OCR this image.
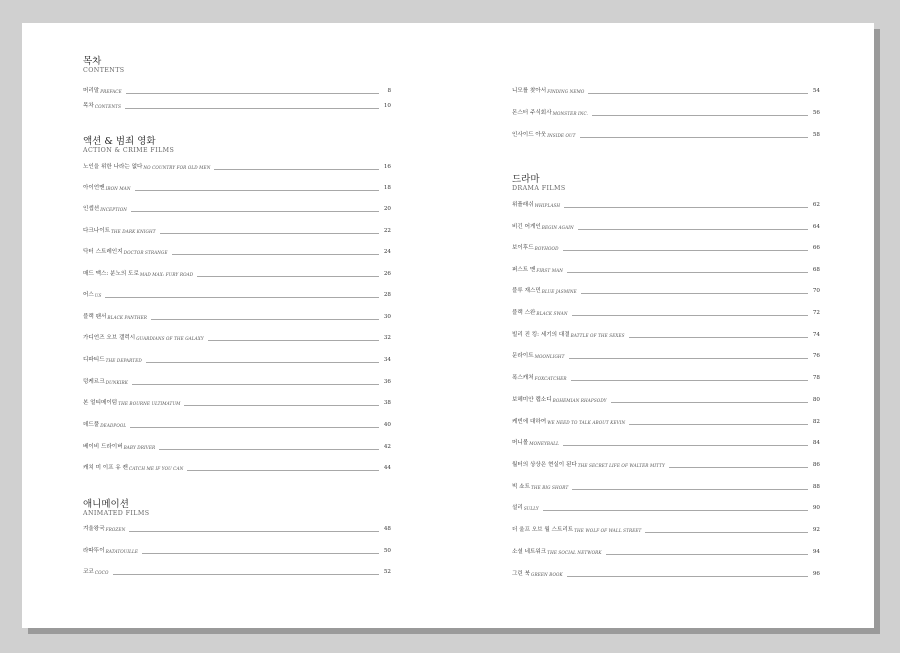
목차
CONTENTS
머리말 PREFACE	8
목차 CONTENTS	10
액션 & 범죄 영화
ACTION & CRIME FILMS
노인을 위한 나라는 없다 NO COUNTRY FOR OLD MEN	16
아이언맨 IRON MAN	18
인셉션 INCEPTION	20
다크나이트 THE DARK KNIGHT	22
닥터 스트레인지 DOCTOR STRANGE	24
매드 맥스: 분노의 도로 MAD MAX: FURY ROAD	26
어스 US	28
블랙 팬서 BLACK PANTHER	30
가디언즈 오브 갤럭시 GUARDIANS OF THE GALAXY	32
디파티드 THE DEPARTED	34
덩케르크 DUNKIRK	36
본 얼티메이텀 THE BOURNE ULTIMATUM	38
데드풀 DEADPOOL	40
베이비 드라이버 BABY DRIVER	42
캐치 미 이프 유 캔 CATCH ME IF YOU CAN	44
애니메이션
ANIMATED FILMS
겨울왕국 FROZEN	48
라따뚜이 RATATOUILLE	50
코코 COCO	52
니모를 찾아서 FINDING NEMO	54
몬스터 주식회사 MONSTER INC.	56
인사이드 아웃 INSIDE OUT	58
드라마
DRAMA FILMS
위플래쉬 WHIPLASH	62
비긴 어게인 BEGIN AGAIN	64
보이후드 BOYHOOD	66
퍼스트 맨 FIRST MAN	68
블루 재스민 BLUE JASMINE	70
블랙 스완 BLACK SWAN	72
빌리 진 킹: 세기의 대결 BATTLE OF THE SEXES	74
문라이트 MOONLIGHT	76
폭스캐처 FOXCATCHER	78
보헤미안 랩소디 BOHEMIAN RHAPSODY	80
케빈에 대하여 WE NEED TO TALK ABOUT KEVIN	82
머니볼 MONEYBALL	84
월터의 상상은 현실이 된다 THE SECRET LIFE OF WALTER MITTY	86
빅 쇼트 THE BIG SHORT	88
설리 SULLY	90
더 울프 오브 월 스트리트 THE WOLF OF WALL STREET	92
소셜 네트워크 THE SOCIAL NETWORK	94
그린 북 GREEN BOOK	96
